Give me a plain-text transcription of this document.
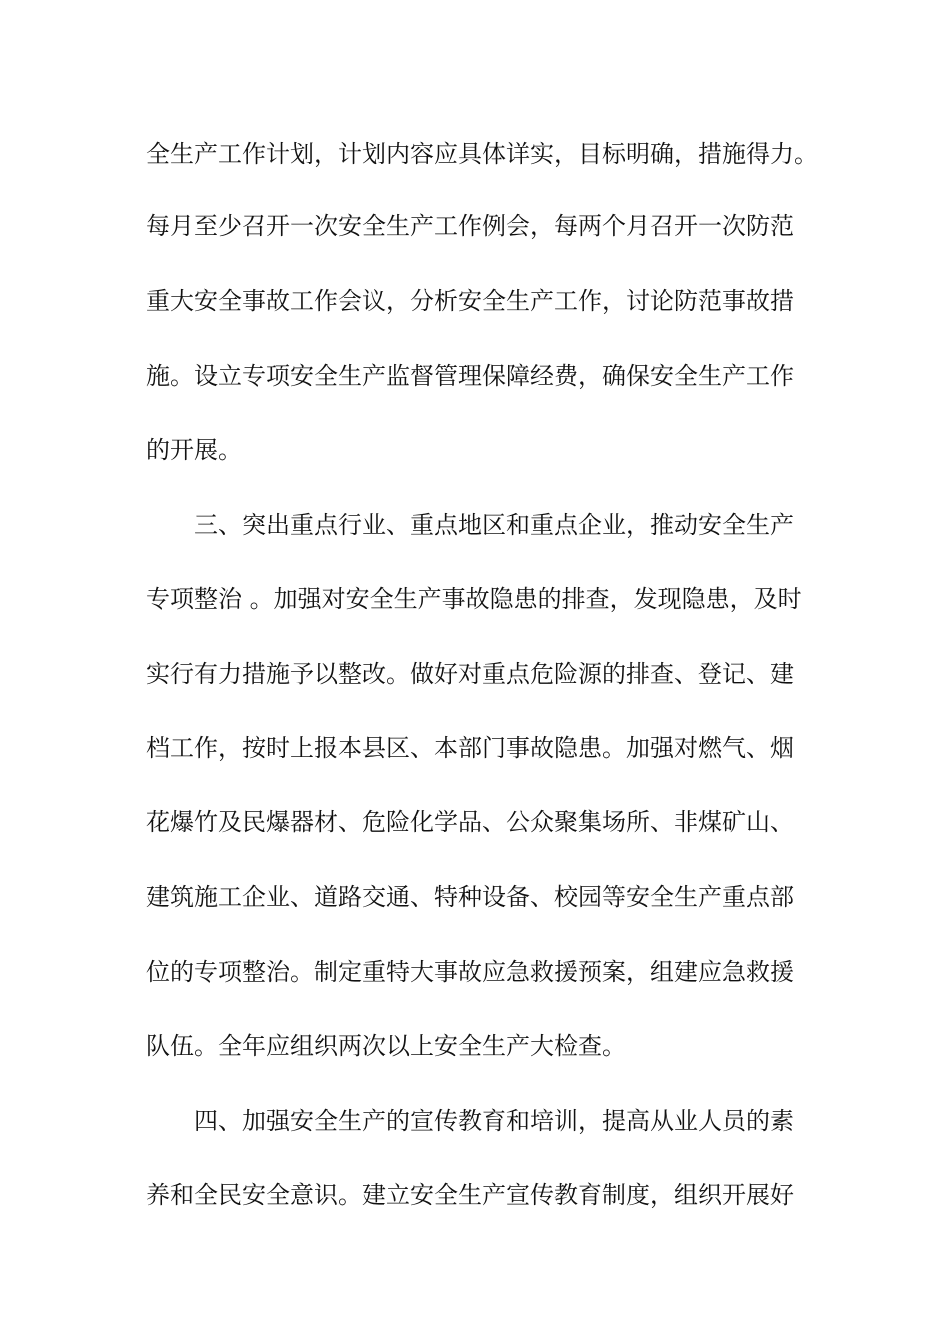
全生产工作计划，计划内容应具体详实，目标明确，措施得力。
每月至少召开一次安全生产工作例会，每两个月召开一次防范
重大安全事故工作会议，分析安全生产工作，讨论防范事故措
施。设立专项安全生产监督管理保障经费，确保安全生产工作
的开展。
三、突出重点行业、重点地区和重点企业，推动安全生产
专项整治 。加强对安全生产事故隐患的排查，发现隐患，及时
实行有力措施予以整改。做好对重点危险源的排查、登记、建
档工作，按时上报本县区、本部门事故隐患。加强对燃气、烟
花爆竹及民爆器材、危险化学品、公众聚集场所、非煤矿山、
建筑施工企业、道路交通、特种设备、校园等安全生产重点部
位的专项整治。制定重特大事故应急救援预案，组建应急救援
队伍。全年应组织两次以上安全生产大检查。
四、加强安全生产的宣传教育和培训，提高从业人员的素
养和全民安全意识。建立安全生产宣传教育制度，组织开展好
